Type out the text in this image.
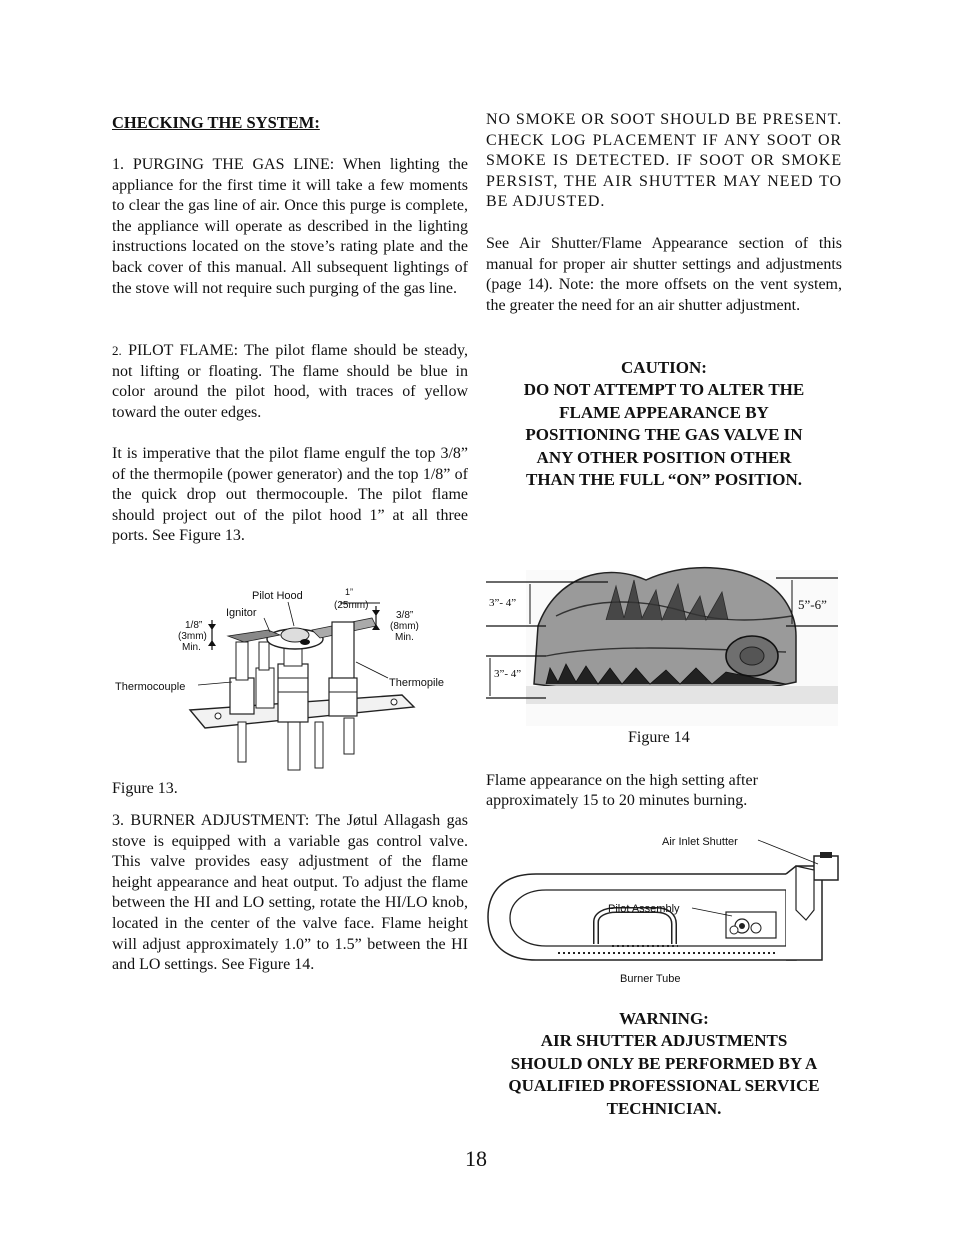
CHECKING THE SYSTEM:
1. PURGING THE GAS LINE: When lighting the appliance for the first time it will take a few moments to clear the gas line of air. Once this purge is complete, the appliance will operate as described in the lighting instructions located on the stove’s rating plate and the back cover of this manual. All subsequent lightings of the stove will not require such purging of the gas line.
2. PILOT FLAME: The pilot flame should be steady, not lifting or floating. The flame should be blue in color around the pilot hood, with traces of yellow toward the outer edges.
It is imperative that the pilot flame engulf the top 3/8” of the thermopile (power generator) and the top 1/8” of the quick drop out thermocouple. The pilot flame should project out of the pilot hood 1” at all three ports. See Figure 13.
Pilot Hood
Ignitor
1”
(25mm)
1/8”
(3mm)
Min.
3/8”
(8mm)
Min.
Thermocouple	Thermopile
Figure 13.
3. BURNER ADJUSTMENT: The Jøtul Allagash gas stove is equipped with a variable gas control valve. This valve provides easy adjustment of the flame height appearance and heat output. To adjust the flame between the HI and LO setting, rotate the HI/LO knob, located in the center of the valve face. Flame height will adjust approximately 1.0” to 1.5” between the HI and LO settings. See Figure 14.
NO SMOKE OR SOOT SHOULD BE PRESENT. CHECK LOG PLACEMENT IF ANY SOOT OR SMOKE IS DETECTED. IF SOOT OR SMOKE PERSIST, THE AIR SHUTTER MAY NEED TO BE ADJUSTED.
See Air Shutter/Flame Appearance section of this manual for proper air shutter settings and adjustments (page 14). Note: the more offsets on the vent system, the greater the need for an air shutter adjustment.
CAUTION:
DO NOT ATTEMPT TO ALTER THE
FLAME APPEARANCE BY
POSITIONING THE GAS VALVE IN
ANY OTHER POSITION OTHER
THAN THE FULL “ON” POSITION.
3”- 4”	5”-6”
3”- 4”
Figure 14
Flame appearance on the high setting after approximately 15 to 20 minutes burning.
Air Inlet Shutter
Pilot Assembly
Burner Tube
WARNING:
AIR SHUTTER ADJUSTMENTS
SHOULD ONLY BE PERFORMED BY A
QUALIFIED PROFESSIONAL SERVICE
TECHNICIAN.
18
